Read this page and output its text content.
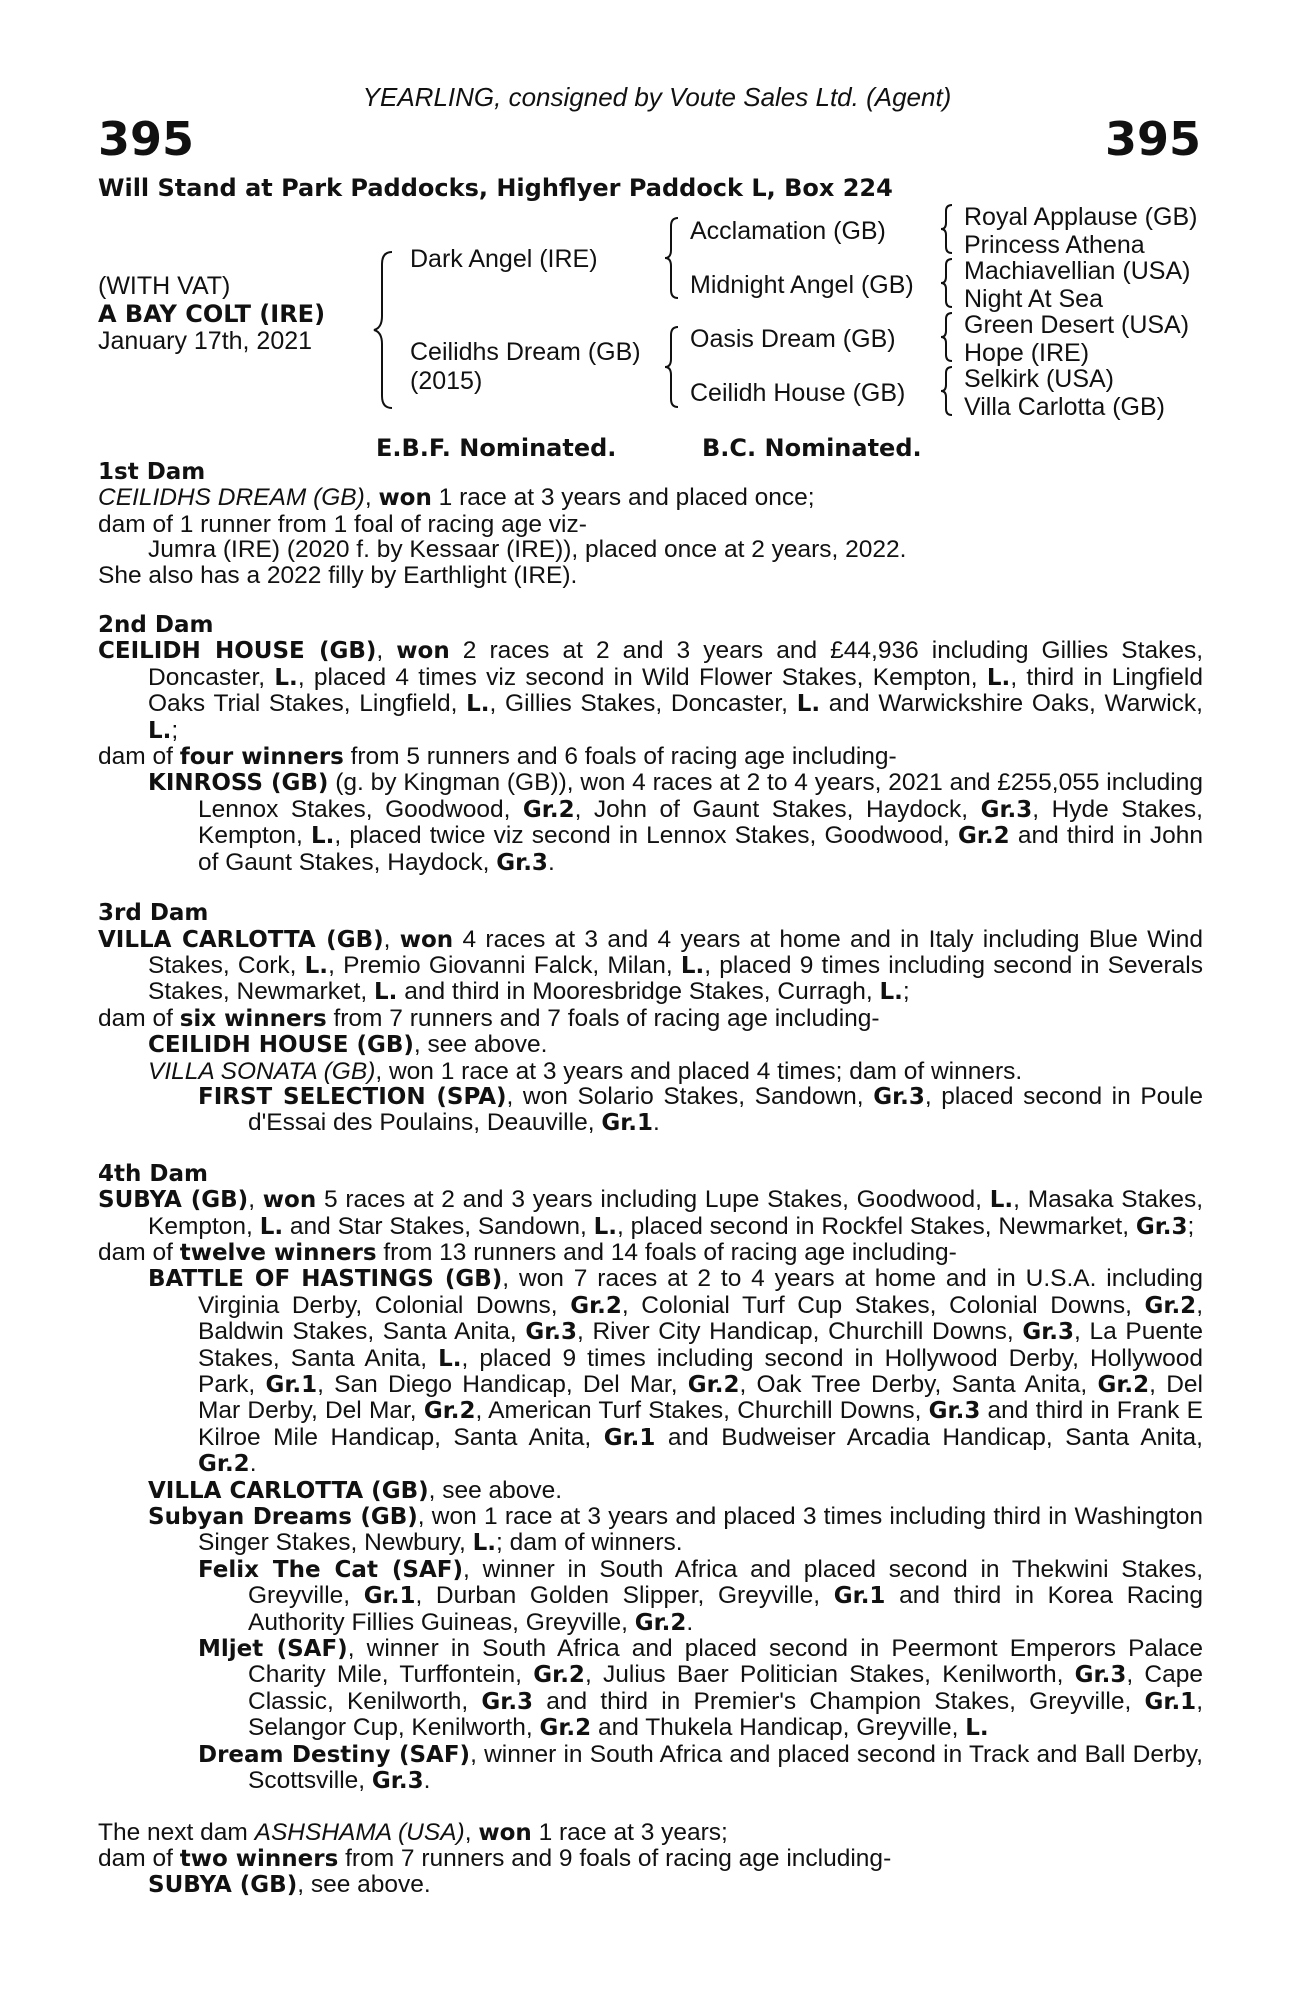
YEARLING, consigned by Voute Sales Ltd. (Agent)
395	395
Will Stand at Park Paddocks, Highflyer Paddock L, Box 224
(WITH VAT)
A BAY COLT (IRE)
January 17th, 2021
Dark Angel (IRE)
Ceilidhs Dream (GB)
(2015)
Acclamation (GB)
Midnight Angel (GB)
Oasis Dream (GB)
Ceilidh House (GB)
Royal Applause (GB)
Princess Athena
Machiavellian (USA)
Night At Sea
Green Desert (USA)
Hope (IRE)
Selkirk (USA)
Villa Carlotta (GB)
E.B.F. Nominated.	B.C. Nominated.

1st Dam

CEILIDHS DREAM (GB), won 1 race at 3 years and placed once;

dam of 1 runner from 1 foal of racing age viz-

Jumra (IRE) (2020 f. by Kessaar (IRE)), placed once at 2 years, 2022.

She also has a 2022 filly by Earthlight (IRE).

2nd Dam

CEILIDH HOUSE (GB), won 2 races at 2 and 3 years and £44,936 including Gillies Stakes, Doncaster, L., placed 4 times viz second in Wild Flower Stakes, Kempton, L., third in Lingfield Oaks Trial Stakes, Lingfield, L., Gillies Stakes, Doncaster, L. and Warwickshire Oaks, Warwick, L.;

dam of four winners from 5 runners and 6 foals of racing age including-

KINROSS (GB) (g. by Kingman (GB)), won 4 races at 2 to 4 years, 2021 and £255,055 including Lennox Stakes, Goodwood, Gr.2, John of Gaunt Stakes, Haydock, Gr.3, Hyde Stakes, Kempton, L., placed twice viz second in Lennox Stakes, Goodwood, Gr.2 and third in John of Gaunt Stakes, Haydock, Gr.3.

3rd Dam

VILLA CARLOTTA (GB), won 4 races at 3 and 4 years at home and in Italy including Blue Wind Stakes, Cork, L., Premio Giovanni Falck, Milan, L., placed 9 times including second in Severals Stakes, Newmarket, L. and third in Mooresbridge Stakes, Curragh, L.;

dam of six winners from 7 runners and 7 foals of racing age including-

CEILIDH HOUSE (GB), see above.

VILLA SONATA (GB), won 1 race at 3 years and placed 4 times; dam of winners.

FIRST SELECTION (SPA), won Solario Stakes, Sandown, Gr.3, placed second in Poule d'Essai des Poulains, Deauville, Gr.1.

4th Dam

SUBYA (GB), won 5 races at 2 and 3 years including Lupe Stakes, Goodwood, L., Masaka Stakes, Kempton, L. and Star Stakes, Sandown, L., placed second in Rockfel Stakes, Newmarket, Gr.3;

dam of twelve winners from 13 runners and 14 foals of racing age including-

BATTLE OF HASTINGS (GB), won 7 races at 2 to 4 years at home and in U.S.A. including Virginia Derby, Colonial Downs, Gr.2, Colonial Turf Cup Stakes, Colonial Downs, Gr.2, Baldwin Stakes, Santa Anita, Gr.3, River City Handicap, Churchill Downs, Gr.3, La Puente Stakes, Santa Anita, L., placed 9 times including second in Hollywood Derby, Hollywood Park, Gr.1, San Diego Handicap, Del Mar, Gr.2, Oak Tree Derby, Santa Anita, Gr.2, Del Mar Derby, Del Mar, Gr.2, American Turf Stakes, Churchill Downs, Gr.3 and third in Frank E Kilroe Mile Handicap, Santa Anita, Gr.1 and Budweiser Arcadia Handicap, Santa Anita, Gr.2.

VILLA CARLOTTA (GB), see above.

Subyan Dreams (GB), won 1 race at 3 years and placed 3 times including third in Washington Singer Stakes, Newbury, L.; dam of winners.

Felix The Cat (SAF), winner in South Africa and placed second in Thekwini Stakes, Greyville, Gr.1, Durban Golden Slipper, Greyville, Gr.1 and third in Korea Racing Authority Fillies Guineas, Greyville, Gr.2.

Mljet (SAF), winner in South Africa and placed second in Peermont Emperors Palace Charity Mile, Turffontein, Gr.2, Julius Baer Politician Stakes, Kenilworth, Gr.3, Cape Classic, Kenilworth, Gr.3 and third in Premier's Champion Stakes, Greyville, Gr.1, Selangor Cup, Kenilworth, Gr.2 and Thukela Handicap, Greyville, L.

Dream Destiny (SAF), winner in South Africa and placed second in Track and Ball Derby, Scottsville, Gr.3.

The next dam ASHSHAMA (USA), won 1 race at 3 years;

dam of two winners from 7 runners and 9 foals of racing age including-

SUBYA (GB), see above.
